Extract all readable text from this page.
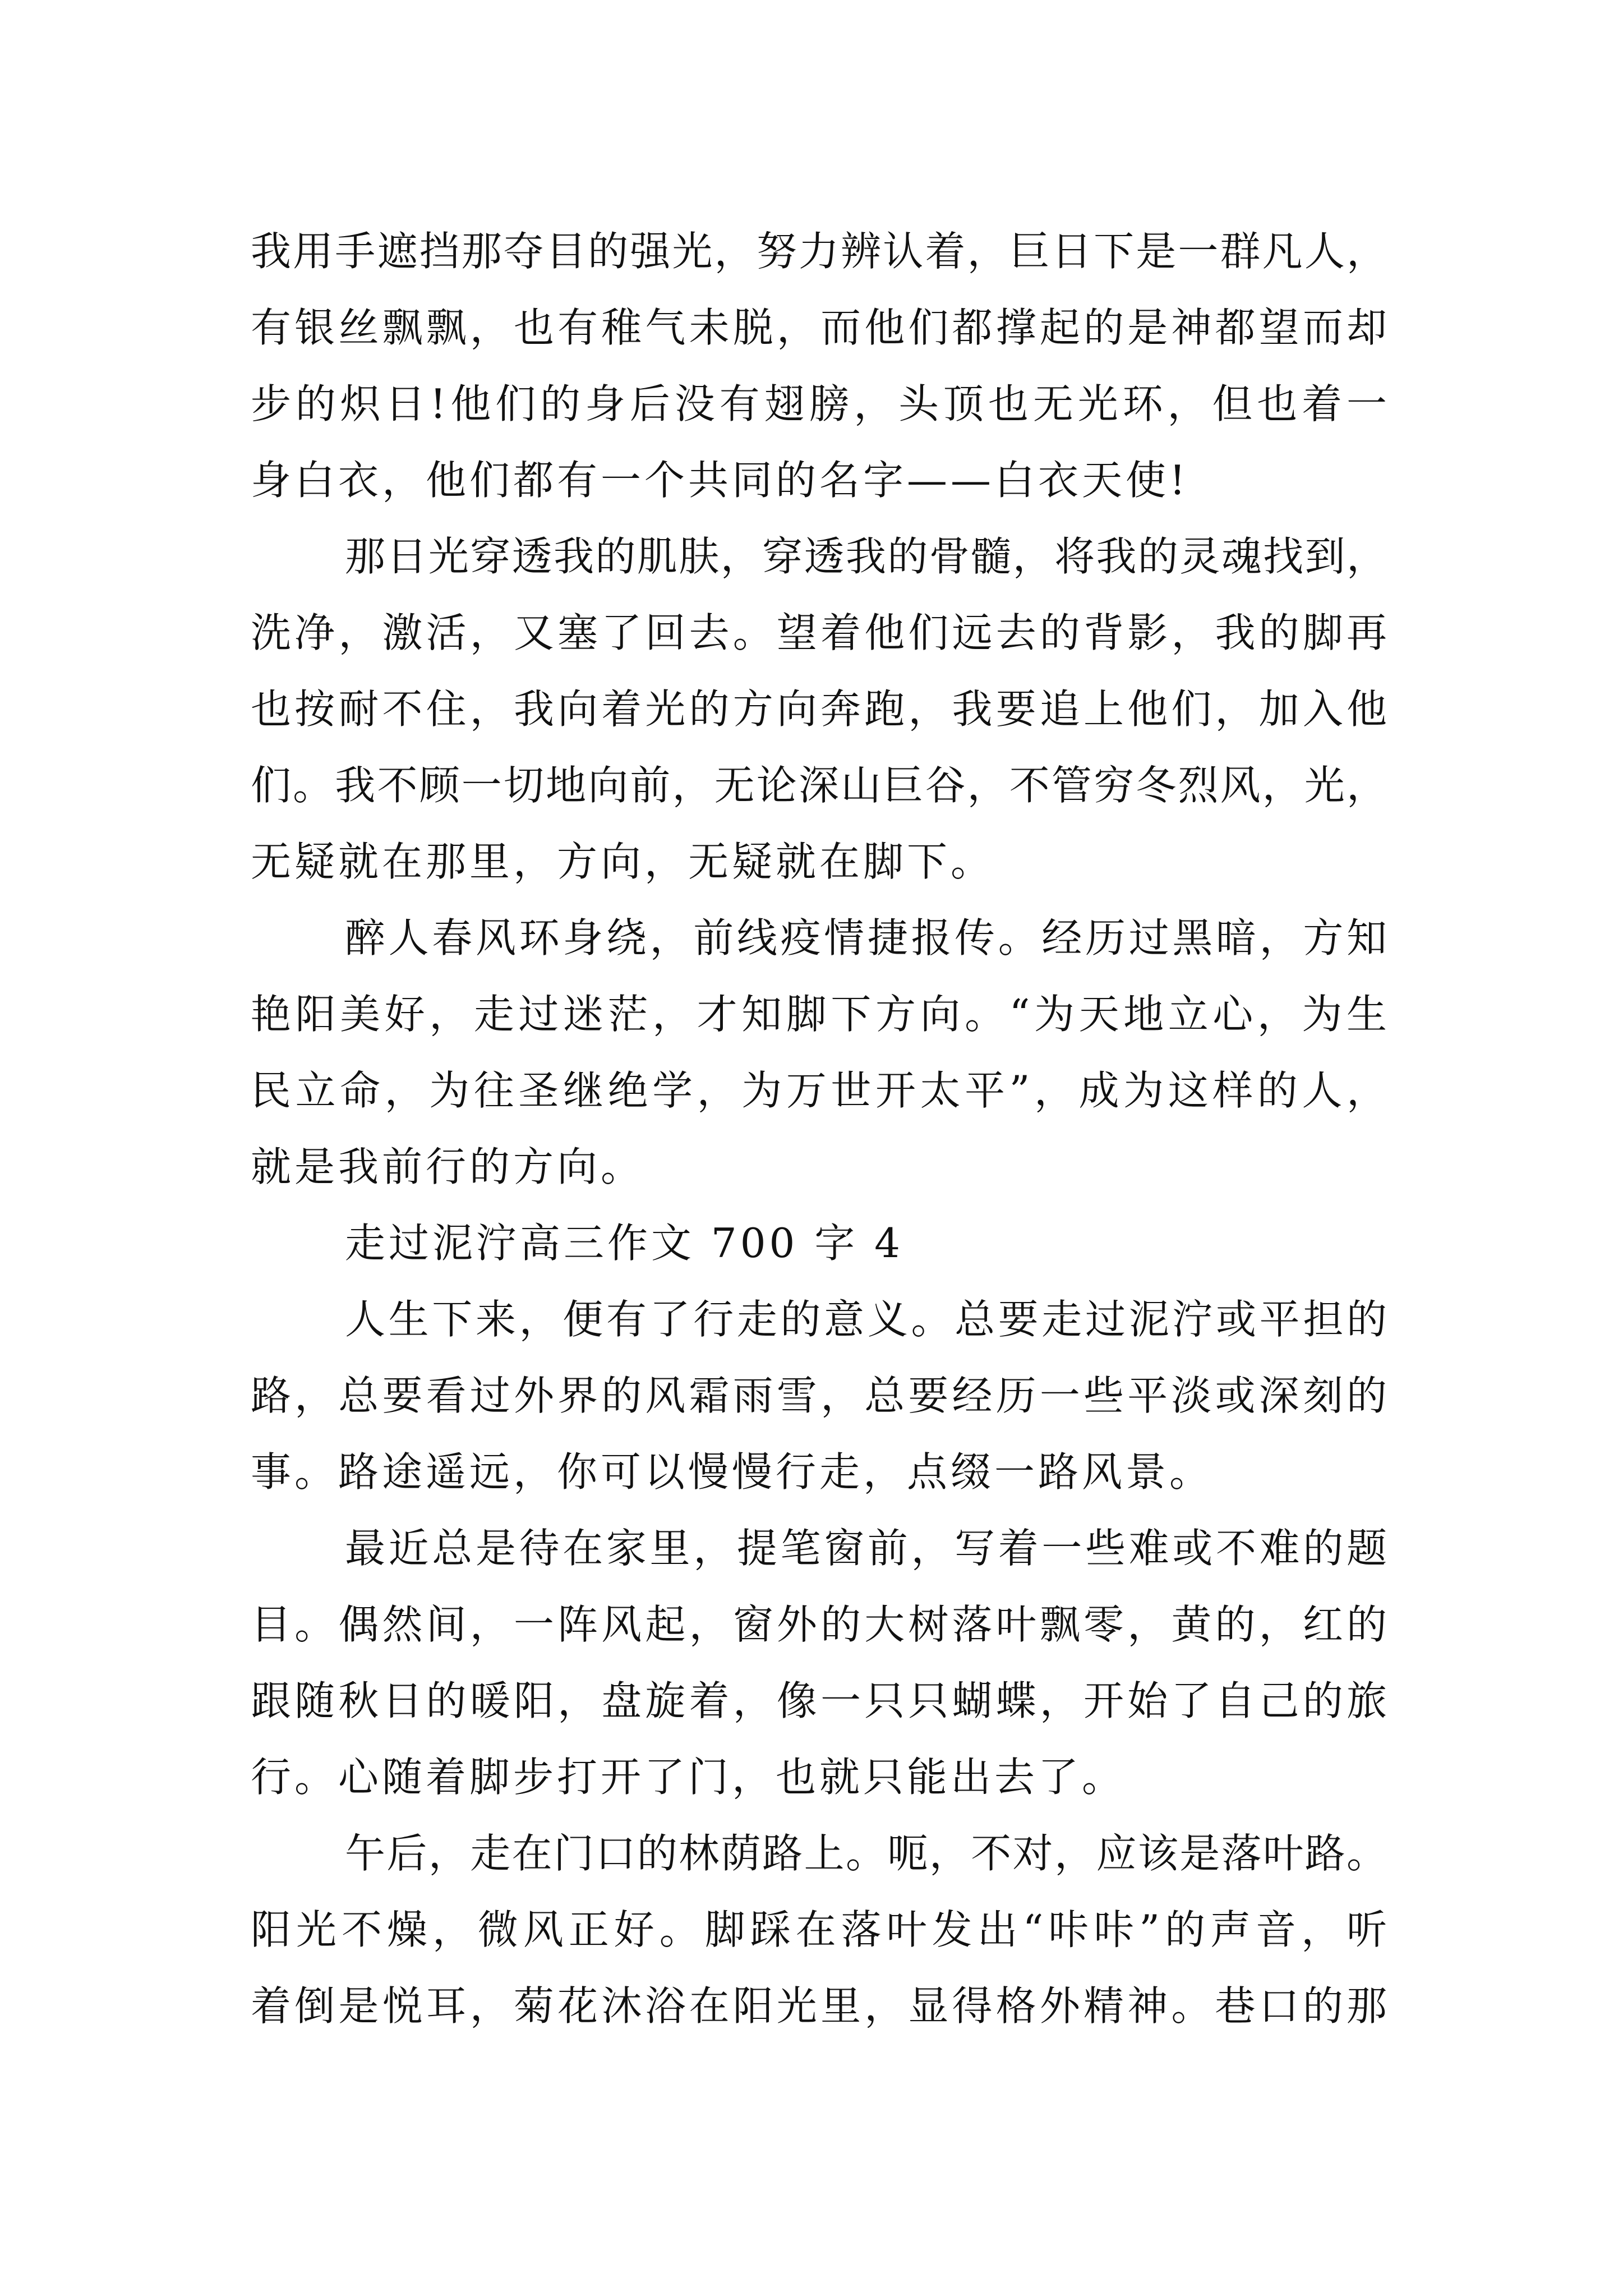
我用手遮挡那夺目的强光，努力辨认着，巨日下是一群凡人，
有银丝飘飘，也有稚气未脱，而他们都撑起的是神都望而却
步的炽日!他们的身后没有翅膀，头顶也无光环，但也着一
身白衣，他们都有一个共同的名字——白衣天使!
那日光穿透我的肌肤，穿透我的骨髓，将我的灵魂找到，
洗净，激活，又塞了回去。望着他们远去的背影，我的脚再
也按耐不住，我向着光的方向奔跑，我要追上他们，加入他
们。我不顾一切地向前，无论深山巨谷，不管穷冬烈风，光，
无疑就在那里，方向，无疑就在脚下。
醉人春风环身绕，前线疫情捷报传。经历过黑暗，方知
艳阳美好，走过迷茫，才知脚下方向。“为天地立心，为生
民立命，为往圣继绝学，为万世开太平”，成为这样的人，
就是我前行的方向。
走过泥泞高三作文 700 字 4
人生下来，便有了行走的意义。总要走过泥泞或平担的
路，总要看过外界的风霜雨雪，总要经历一些平淡或深刻的
事。路途遥远，你可以慢慢行走，点缀一路风景。
最近总是待在家里，提笔窗前，写着一些难或不难的题
目。偶然间，一阵风起，窗外的大树落叶飘零，黄的，红的
跟随秋日的暖阳，盘旋着，像一只只蝴蝶，开始了自己的旅
行。心随着脚步打开了门，也就只能出去了。
午后，走在门口的林荫路上。呃，不对，应该是落叶路。
阳光不燥，微风正好。脚踩在落叶发出“咔咔”的声音，听
着倒是悦耳，菊花沐浴在阳光里，显得格外精神。巷口的那
